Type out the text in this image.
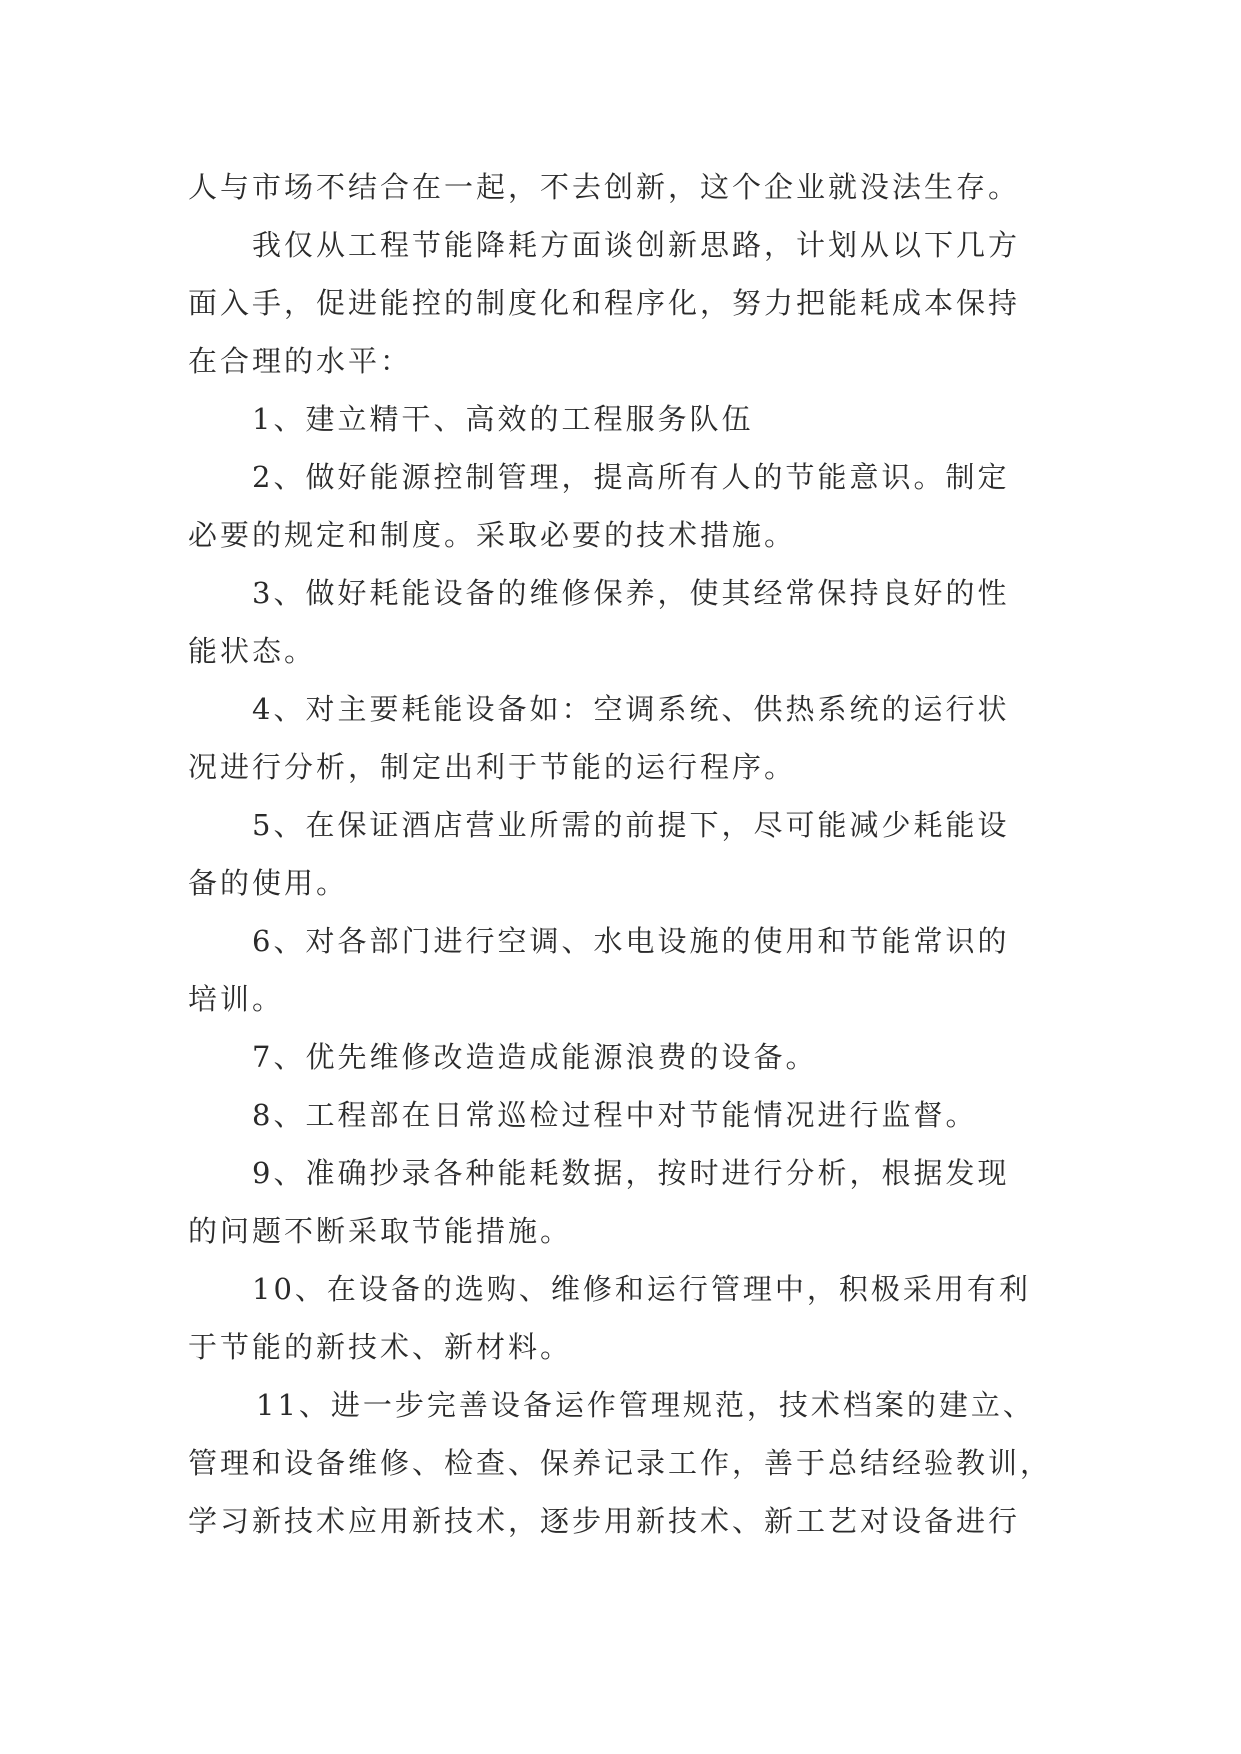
人与市场不结合在一起，不去创新，这个企业就没法生存。
我仅从工程节能降耗方面谈创新思路，计划从以下几方
面入手，促进能控的制度化和程序化，努力把能耗成本保持
在合理的水平：
1、建立精干、高效的工程服务队伍
2、做好能源控制管理，提高所有人的节能意识。制定
必要的规定和制度。采取必要的技术措施。
3、做好耗能设备的维修保养，使其经常保持良好的性
能状态。
4、对主要耗能设备如：空调系统、供热系统的运行状
况进行分析，制定出利于节能的运行程序。
5、在保证酒店营业所需的前提下，尽可能减少耗能设
备的使用。
6、对各部门进行空调、水电设施的使用和节能常识的
培训。
7、优先维修改造造成能源浪费的设备。
8、工程部在日常巡检过程中对节能情况进行监督。
9、准确抄录各种能耗数据，按时进行分析，根据发现
的问题不断采取节能措施。
10、在设备的选购、维修和运行管理中，积极采用有利
于节能的新技术、新材料。
11、进一步完善设备运作管理规范，技术档案的建立、
管理和设备维修、检查、保养记录工作，善于总结经验教训，
学习新技术应用新技术，逐步用新技术、新工艺对设备进行
